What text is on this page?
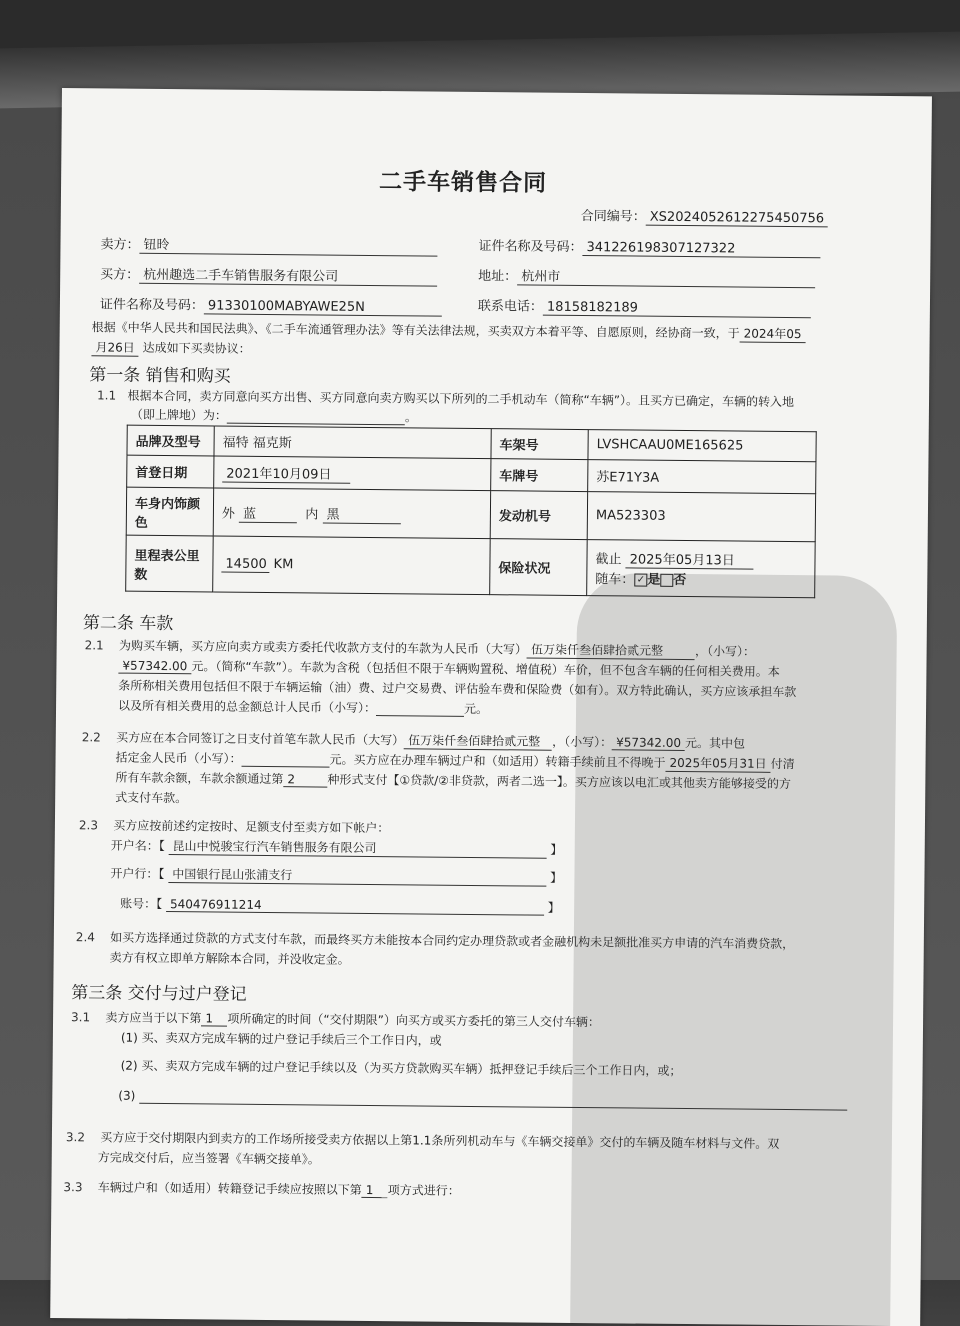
二手车销售合同
合同编号： XS20240526122754507​56
卖方： 钮昤	证件名称及号码： 341226198307127322
买方： 杭州趣选二手车销售服务有限公司	地址： 杭州市
证件名称及号码： 91330100MABYAWE25N	联系电话： 18158182189
根据《中华人民共和国民法典》、《二手车流通管理办法》等有关法律法规，买卖双方本着平等、自愿原则，经协商一致，于 2024年05
月26日 达成如下买卖协议：
第一条 销售和购买
1.1 根据本合同，卖方同意向买方出售、买方同意向卖方购买以下所列的二手机动车（简称“车辆”）。且买方已确定，车辆的转入地
（即上牌地）为：	。
品牌及型号	福特 福克斯	车架号	LVSHCAAU0ME165625
首登日期	2021年10月09日	车牌号	苏E71Y3A
车身内饰颜
色	外 蓝 内 黑	发动机号	MA523303
里程表公里
数	14500 KM	保险状况	截止 2025年05月13日
随车： ✓ 是 否
第二条 车款
2.1 为购买车辆，买方应向卖方或卖方委托代收款方支付的车款为人民币（大写） 伍万柒仟叁佰肆拾贰元整	，（小写）：
¥57342.00 元。（简称“车款”）。车款为含税（包括但不限于车辆购置税、增值税）车价，但不包含车辆的任何相关费用。本
条所称相关费用包括但不限于车辆运输（油）费、过户交易费、评估验车费和保险费（如有）。双方特此确认，买方应该承担车款
以及所有相关费用的总金额总计人民币（小写）：	元。
2.2 买方应在本合同签订之日支付首笔车款人民币（大写） 伍万柒仟叁佰肆拾贰元整 ，（小写）： ¥57342.00 元。其中包
括定金人民币（小写）：	元。买方应在办理车辆过户和（如适用）转籍手续前且不得晚于 2025年05月31日 付清
所有车款余额，车款余额通过第 2	种形式支付【①贷款/②非贷款，两者二选一】。买方应该以电汇或其他卖方能够接受的方
式支付车款。
2.3 买方应按前述约定按时、足额支付至卖方如下帐户：
开户名：【 昆山中悦骏宝行汽车销售服务有限公司	】
开户行：【 中国银行昆山张浦支行	】
账号：【 540476911214	】
2.4 如买方选择通过贷款的方式支付车款，而最终买方未能按本合同约定办理贷款或者金融机构未足额批准买方申请的汽车消费贷款，
卖方有权立即单方解除本合同，并没收定金。
第三条 交付与过户登记
3.1 卖方应当于以下第 1 项所确定的时间（“交付期限”）向买方或买方委托的第三人交付车辆：
(1) 买、卖双方完成车辆的过户登记手续后三个工作日内，或
(2) 买、卖双方完成车辆的过户登记手续以及（为买方贷款购买车辆）抵押登记手续后三个工作日内，或；
(3)
3.2 买方应于交付期限内到卖方的工作场所接受卖方依据以上第1.1条所列机动车与《车辆交接单》交付的车辆及随车材料与文件。双
方完成交付后，应当签署《车辆交接单》。
3.3 车辆过户和（如适用）转籍登记手续应按照以下第 1 项方式进行：
